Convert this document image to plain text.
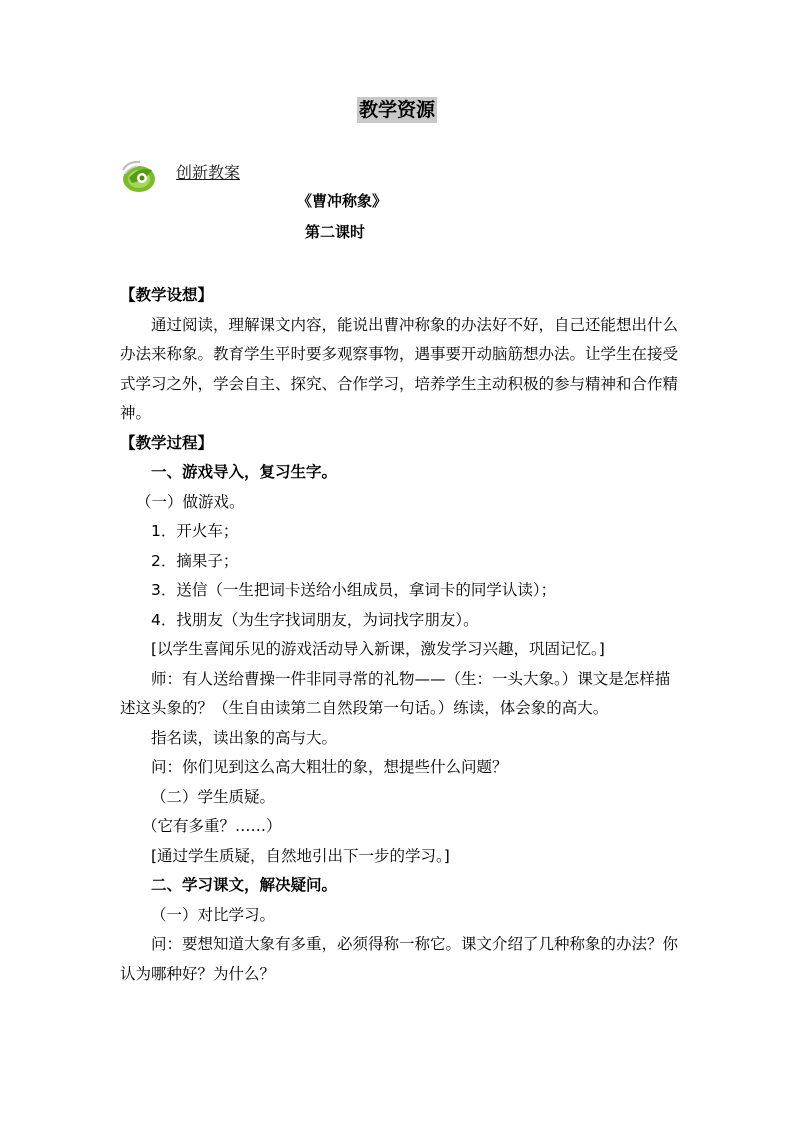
教学资源
创新教案
《曹冲称象》
第二课时

【教学设想】

通过阅读，理解课文内容，能说出曹冲称象的办法好不好，自己还能想出什么办法来称象。教育学生平时要多观察事物，遇事要开动脑筋想办法。让学生在接受式学习之外，学会自主、探究、合作学习，培养学生主动积极的参与精神和合作精神。

【教学过程】

一、游戏导入，复习生字。

（一）做游戏。

1．开火车；

2．摘果子；

3．送信（一生把词卡送给小组成员，拿词卡的同学认读）；

4．找朋友（为生字找词朋友，为词找字朋友）。

[以学生喜闻乐见的游戏活动导入新课，激发学习兴趣，巩固记忆。]

师：有人送给曹操一件非同寻常的礼物——（生：一头大象。）课文是怎样描述这头象的？（生自由读第二自然段第一句话。）练读，体会象的高大。

指名读，读出象的高与大。

问：你们见到这么高大粗壮的象，想提些什么问题？

（二）学生质疑。

（它有多重？……）

[通过学生质疑，自然地引出下一步的学习。]

二、学习课文，解决疑问。

（一）对比学习。

问：要想知道大象有多重，必须得称一称它。课文介绍了几种称象的办法？你认为哪种好？为什么？
